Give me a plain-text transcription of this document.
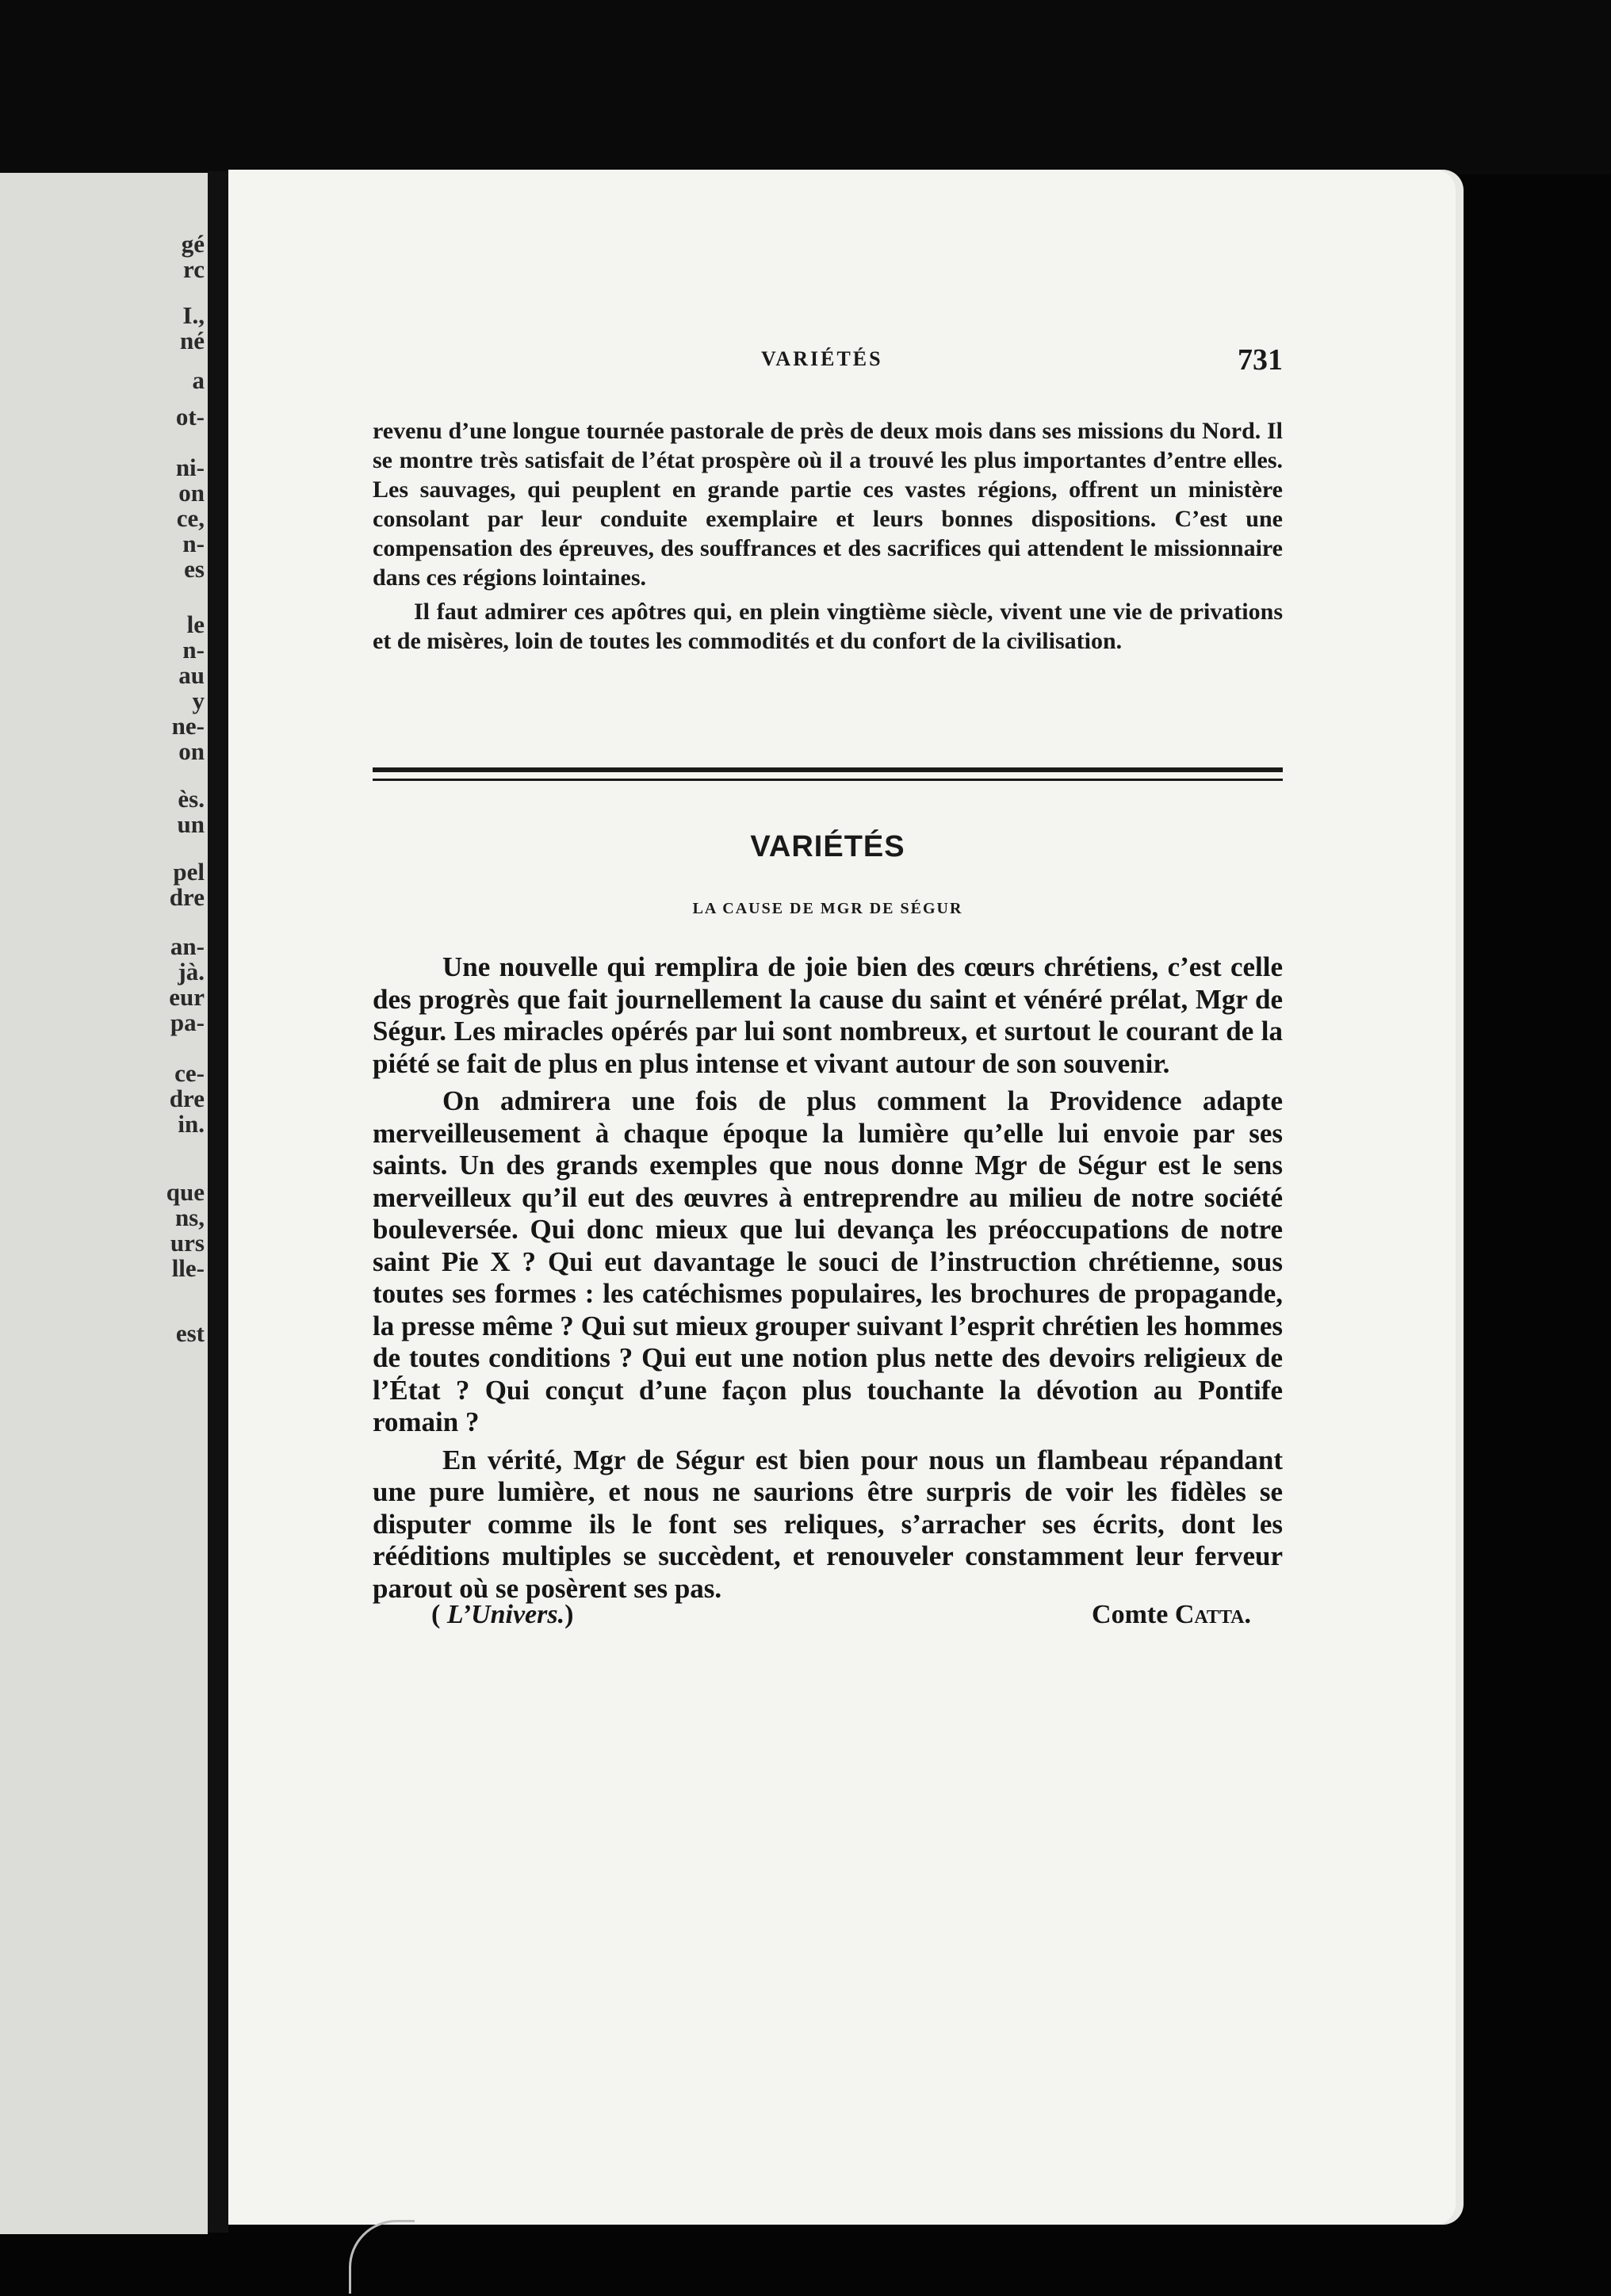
gé
rc
I.,
né
a
ot-
ni-
on
ce,
n-
es
le
n-
au
y
ne-
on
ès.
un
pel
dre
an-
jà.
eur
pa-
ce-
dre
in.
que
ns,
urs
lle-
est
VARIÉTÉS	731

revenu d’une longue tournée pastorale de près de deux mois dans ses missions du Nord. Il se montre très satisfait de l’état prospère où il a trouvé les plus importantes d’entre elles. Les sauvages, qui peuplent en grande partie ces vastes régions, offrent un ministère consolant par leur conduite exemplaire et leurs bonnes dispositions. C’est une compensation des épreuves, des souffrances et des sacrifices qui attendent le missionnaire dans ces régions lointaines.

Il faut admirer ces apôtres qui, en plein vingtième siècle, vivent une vie de privations et de misères, loin de toutes les commodités et du confort de la civilisation.

VARIÉTÉS
LA CAUSE DE MGR DE SÉGUR

Une nouvelle qui remplira de joie bien des cœurs chrétiens, c’est celle des progrès que fait journellement la cause du saint et vénéré prélat, Mgr de Ségur. Les miracles opérés par lui sont nombreux, et surtout le courant de la piété se fait de plus en plus intense et vivant autour de son souvenir.

On admirera une fois de plus comment la Providence adapte merveilleusement à chaque époque la lumière qu’elle lui envoie par ses saints. Un des grands exemples que nous donne Mgr de Ségur est le sens merveilleux qu’il eut des œuvres à entreprendre au milieu de notre société bouleversée. Qui donc mieux que lui devança les préoccupations de notre saint Pie X ? Qui eut davantage le souci de l’instruction chrétienne, sous toutes ses formes : les catéchismes populaires, les brochures de propagande, la presse même ? Qui sut mieux grouper suivant l’esprit chrétien les hommes de toutes conditions ? Qui eut une notion plus nette des devoirs religieux de l’État ? Qui conçut d’une façon plus touchante la dévotion au Pontife romain ?

En vérité, Mgr de Ségur est bien pour nous un flambeau répandant une pure lumière, et nous ne saurions être surpris de voir les fidèles se disputer comme ils le font ses reliques, s’arracher ses écrits, dont les rééditions multiples se succèdent, et renouveler constamment leur ferveur parout où se posèrent ses pas.

( L’Univers.)	Comte Catta.
